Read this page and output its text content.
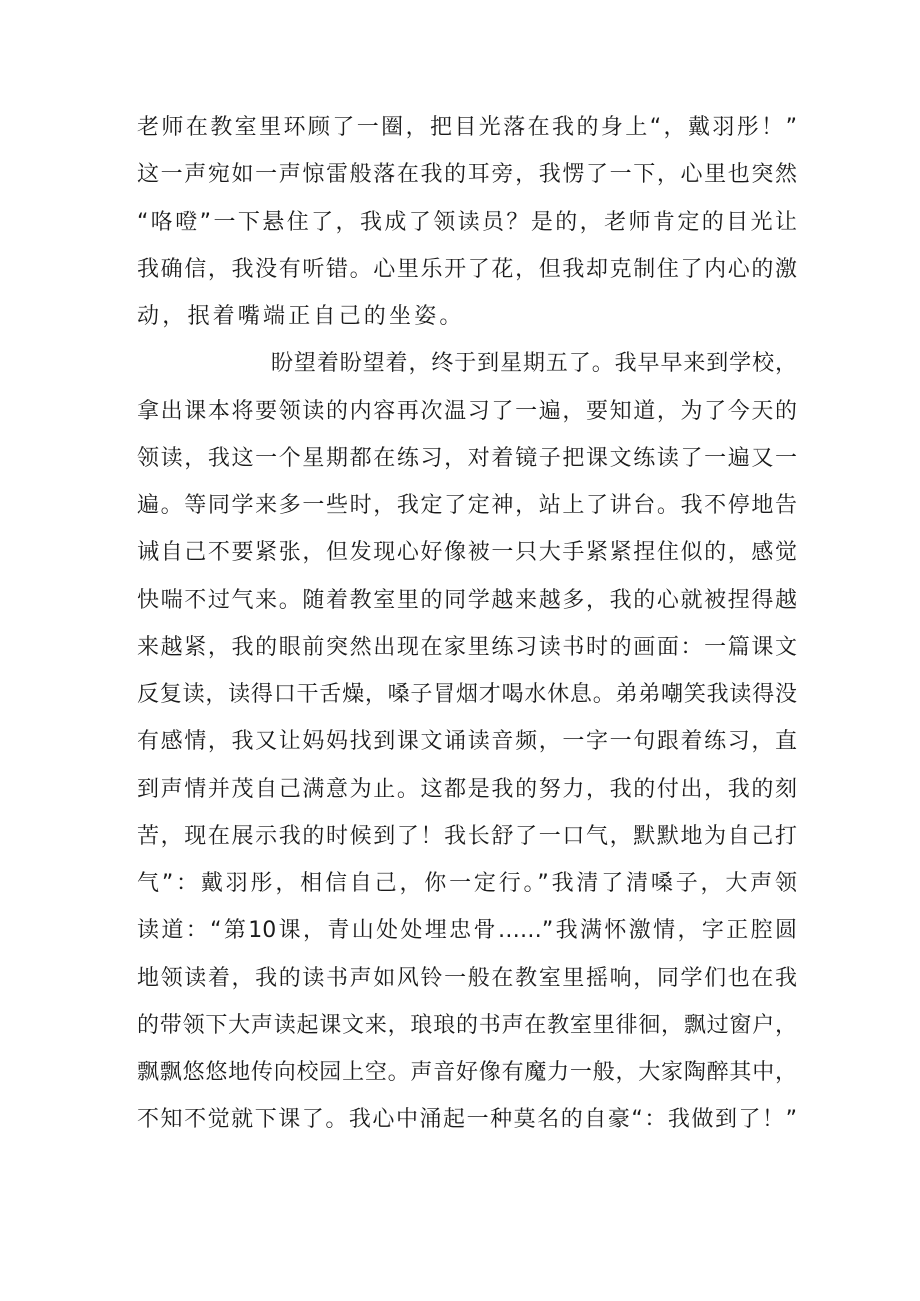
老师在教室里环顾了一圈，把目光落在我的身上“，戴羽彤！”
这一声宛如一声惊雷般落在我的耳旁，我愣了一下，心里也突然
“咯噔”一下悬住了，我成了领读员？是的，老师肯定的目光让
我确信，我没有听错。心里乐开了花，但我却克制住了内心的激
动，抿着嘴端正自己的坐姿。
盼望着盼望着，终于到星期五了。我早早来到学校，
拿出课本将要领读的内容再次温习了一遍，要知道，为了今天的
领读，我这一个星期都在练习，对着镜子把课文练读了一遍又一
遍。等同学来多一些时，我定了定神，站上了讲台。我不停地告
诫自己不要紧张，但发现心好像被一只大手紧紧捏住似的，感觉
快喘不过气来。随着教室里的同学越来越多，我的心就被捏得越
来越紧，我的眼前突然出现在家里练习读书时的画面：一篇课文
反复读，读得口干舌燥，嗓子冒烟才喝水休息。弟弟嘲笑我读得没
有感情，我又让妈妈找到课文诵读音频，一字一句跟着练习，直
到声情并茂自己满意为止。这都是我的努力，我的付出，我的刻
苦，现在展示我的时候到了！我长舒了一口气，默默地为自己打
气”：戴羽彤，相信自己，你一定行。”我清了清嗓子，大声领
读道：“第10课，青山处处埋忠骨……”我满怀激情，字正腔圆
地领读着，我的读书声如风铃一般在教室里摇响，同学们也在我
的带领下大声读起课文来，琅琅的书声在教室里徘徊，飘过窗户，
飘飘悠悠地传向校园上空。声音好像有魔力一般，大家陶醉其中，
不知不觉就下课了。我心中涌起一种莫名的自豪“：我做到了！”
